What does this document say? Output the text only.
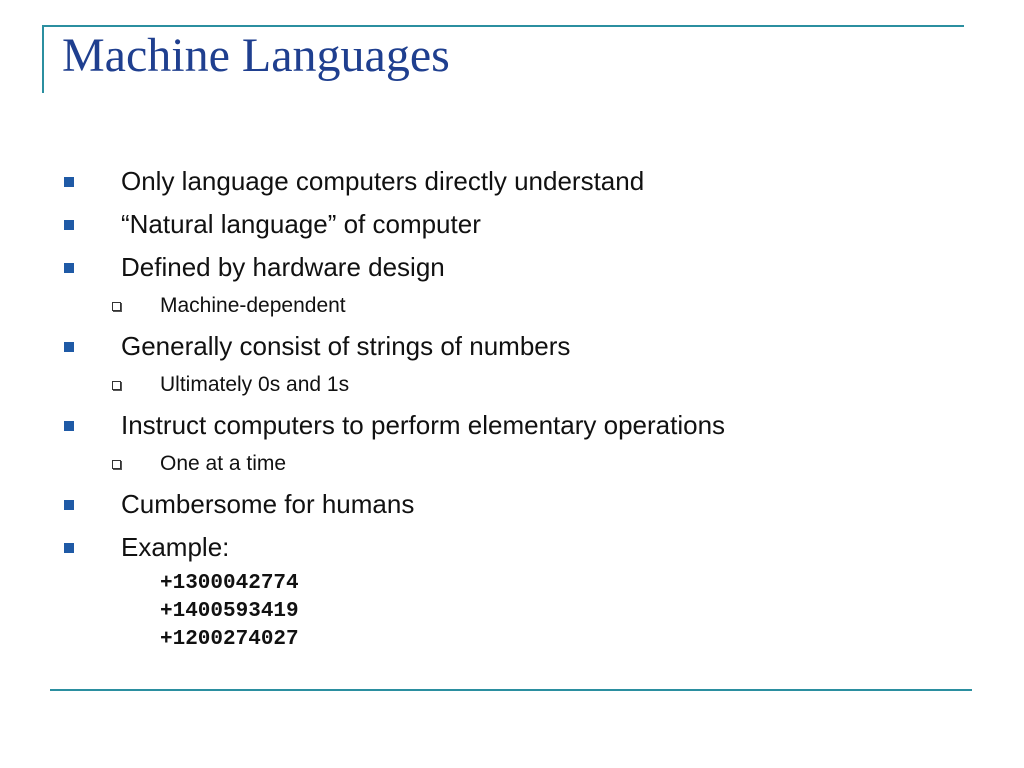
Machine Languages
Only language computers directly understand
“Natural language” of computer
Defined by hardware design
Machine-dependent
Generally consist of strings of numbers
Ultimately 0s and 1s
Instruct computers to perform elementary operations
One at a time
Cumbersome for humans
Example:
+1300042774
+1400593419
+1200274027
